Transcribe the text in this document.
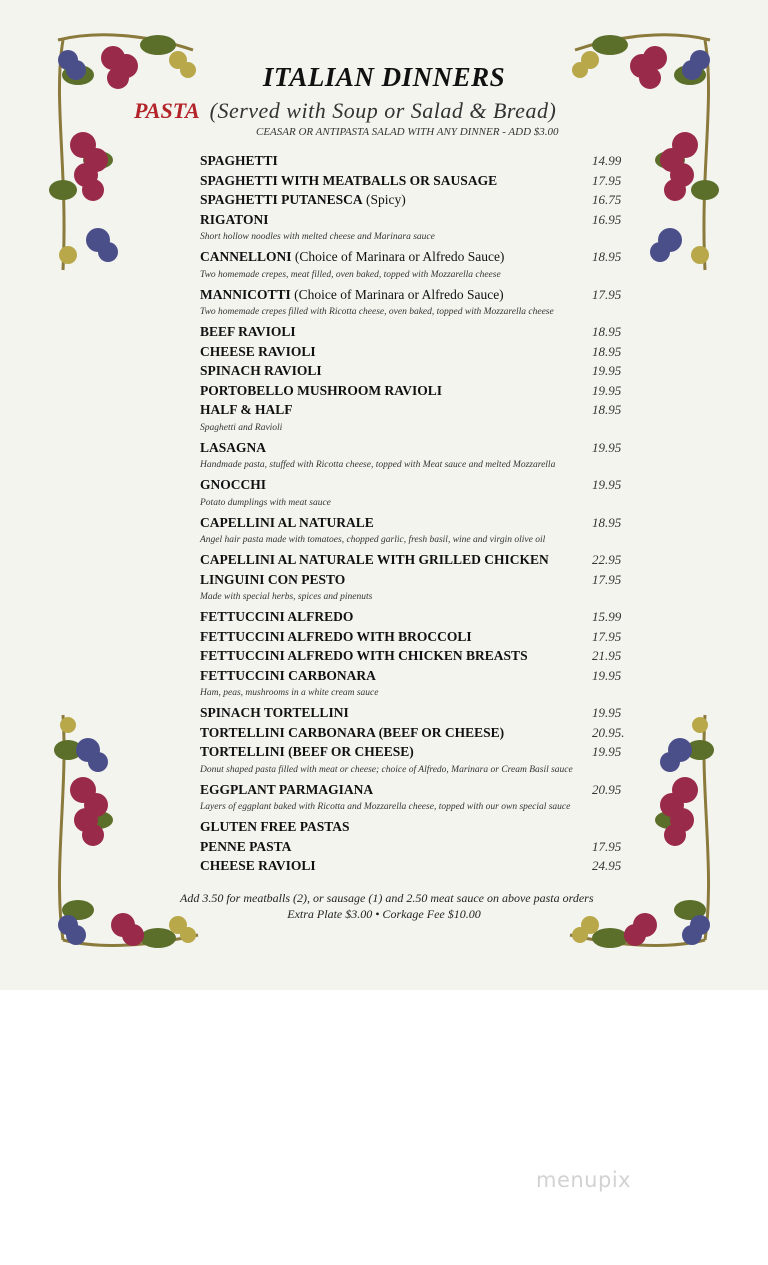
ITALIAN DINNERS
PASTA (Served with Soup or Salad & Bread)
CEASAR OR ANTIPASTA SALAD WITH ANY DINNER - ADD $3.00
SPAGHETTI	14.99
SPAGHETTI WITH MEATBALLS OR SAUSAGE	17.95
SPAGHETTI PUTANESCA (Spicy)	16.75
RIGATONI	16.95
Short hollow noodles with melted cheese and Marinara sauce
CANNELLONI (Choice of Marinara or Alfredo Sauce)	18.95
Two homemade crepes, meat filled, oven baked, topped with Mozzarella cheese
MANNICOTTI (Choice of Marinara or Alfredo Sauce)	17.95
Two homemade crepes filled with Ricotta cheese, oven baked, topped with Mozzarella cheese
BEEF RAVIOLI	18.95
CHEESE RAVIOLI	18.95
SPINACH RAVIOLI	19.95
PORTOBELLO MUSHROOM RAVIOLI	19.95
HALF & HALF	18.95
Spaghetti and Ravioli
LASAGNA	19.95
Handmade pasta, stuffed with Ricotta cheese, topped with Meat sauce and melted Mozzarella
GNOCCHI	19.95
Potato dumplings with meat sauce
CAPELLINI AL NATURALE	18.95
Angel hair pasta made with tomatoes, chopped garlic, fresh basil, wine and virgin olive oil
CAPELLINI AL NATURALE WITH GRILLED CHICKEN	22.95
LINGUINI CON PESTO	17.95
Made with special herbs, spices and pinenuts
FETTUCCINI ALFREDO	15.99
FETTUCCINI ALFREDO WITH BROCCOLI	17.95
FETTUCCINI ALFREDO WITH CHICKEN BREASTS	21.95
FETTUCCINI CARBONARA	19.95
Ham, peas, mushrooms in a white cream sauce
SPINACH TORTELLINI	19.95
TORTELLINI CARBONARA (BEEF OR CHEESE)	20.95.
TORTELLINI (BEEF OR CHEESE)	19.95
Donut shaped pasta filled with meat or cheese; choice of Alfredo, Marinara or Cream Basil sauce
EGGPLANT PARMAGIANA	20.95
Layers of eggplant baked with Ricotta and Mozzarella cheese, topped with our own special sauce
GLUTEN FREE PASTAS
PENNE PASTA	17.95
CHEESE RAVIOLI	24.95
Add 3.50 for meatballs (2), or sausage (1) and 2.50 meat sauce on above pasta orders
Extra Plate $3.00 • Corkage Fee $10.00
menupix
